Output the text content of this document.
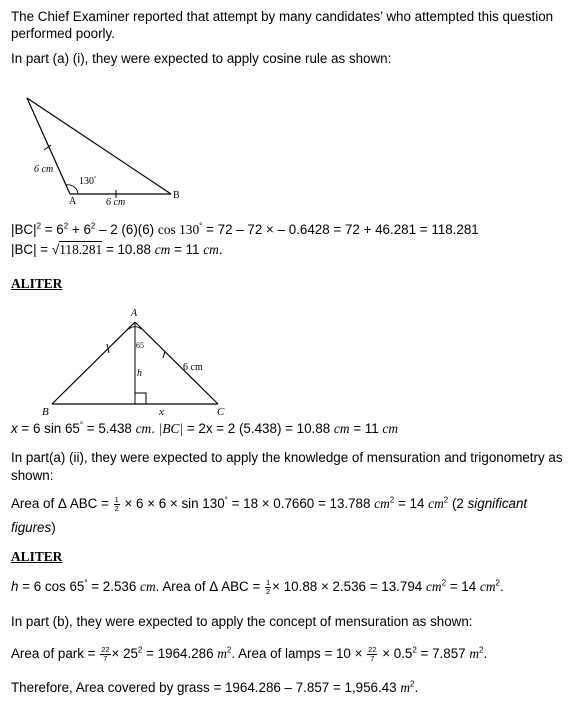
The Chief Examiner reported that attempt by many candidates’ who attempted this question
performed poorly.
In part (a) (i), they were expected to apply cosine rule as shown:
6 cm
130°
A
B
6 cm
$|BC|^2 = 6^2 + 6^2 - 2$ (6)(6) cos 130° = 72 – 72 × – 0.6428 = 72 + 46.281 = 118.281
|BC| = √118.281 = 10.88 cm = 11 cm.
ALITER
A
65
h
6 cm
B	x	C
x = 6 sin 65° = 5.438 cm. |BC| = 2x = 2 (5.438) = 10.88 cm = 11 cm
In part(a) (ii), they were expected to apply the knowledge of mensuration and trigonometry as
shown:
Area of Δ ABC = $\frac{1}{2} \times 6 \times 6 \times \sin 130^\circ = 18 \times 0.7660 = 13.788$ $cm^2 = 14$ $cm^2$ (2 significant
figures)
ALITER
h = 6 cos 65° = 2.536 cm. Area of Δ ABC = $\frac{1}{2} \times 10.88 \times 2.536 = 13.794$ $cm^2 = 14$ $cm^2$.
In part (b), they were expected to apply the concept of mensuration as shown:
Area of park = $\frac{22}{7} \times 25^2 = 1964.286$ $m^2$. Area of lamps = $10 \times \frac{22}{7} \times 0.5^2 = 7.857$ $m^2$.
Therefore, Area covered by grass = 1964.286 – 7.857 = 1,956.43 $m^2$.
